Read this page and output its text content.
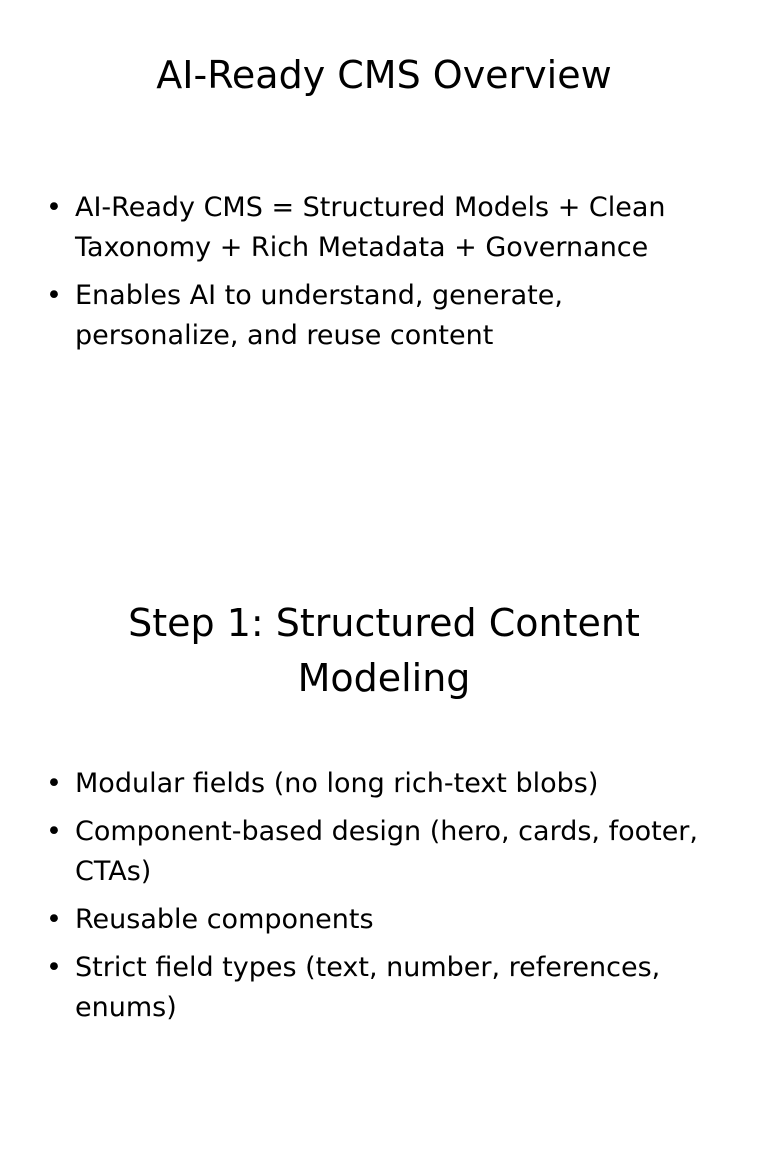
AI-Ready CMS Overview
• AI-Ready CMS = Structured Models + Clean Taxonomy + Rich Metadata + Governance
• Enables AI to understand, generate, personalize, and reuse content
Step 1: Structured Content Modeling
• Modular fields (no long rich-text blobs)
• Component-based design (hero, cards, footer, CTAs)
• Reusable components
• Strict field types (text, number, references, enums)
